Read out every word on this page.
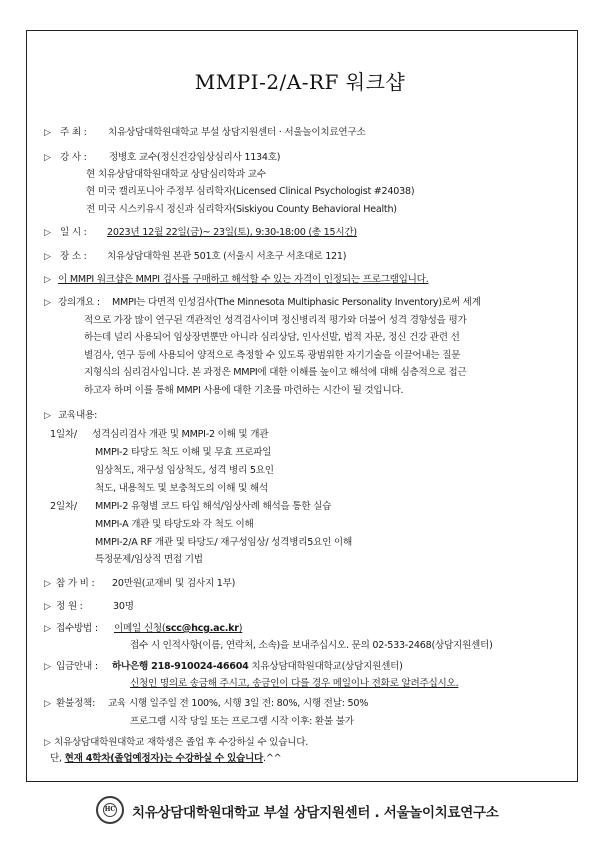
MMPI-2/A-RF 워크샵
▷ 주 최 : 치유상담대학원대학교 부설 상담지원센터 · 서울놀이치료연구소
▷ 강 사 : 정병호 교수(정신건강임상심리사 1134호)
현 치유상담대학원대학교 상담심리학과 교수
현 미국 캘리포니아 주정부 심리학자(Licensed Clinical Psychologist #24038)
전 미국 시스키유시 정신과 심리학자(Siskiyou County Behavioral Health)
▷ 일 시 : 2023년 12월 22일(금)~ 23일(토), 9:30-18:00 (총 15시간)
▷ 장 소 : 치유상담대학원 본관 501호 (서울시 서초구 서초대로 121)
▷ 이 MMPI 워크샵은 MMPI 검사를 구매하고 해석할 수 있는 자격이 인정되는 프로그램입니다.
▷ 강의개요 : MMPI는 다면적 인성검사(The Minnesota Multiphasic Personality Inventory)로써 세계
적으로 가장 많이 연구된 객관적인 성격검사이며 정신병리적 평가와 더불어 성격 경향성을 평가
하는데 널리 사용되어 임상장면뿐만 아니라 심리상담, 인사선발, 법적 자문, 정신 건강 관련 선
별검사, 연구 등에 사용되어 양적으로 측정할 수 있도록 광범위한 자기기술을 이끌어내는 질문
지형식의 심리검사입니다. 본 과정은 MMPI에 대한 이해를 높이고 해석에 대해 심층적으로 접근
하고자 하며 이를 통해 MMPI 사용에 대한 기초를 마련하는 시간이 될 것입니다.
▷ 교육내용:
1일차/ 성격심리검사 개관 및 MMPI-2 이해 및 개관
MMPI-2 타당도 척도 이해 및 무효 프로파일
임상척도, 재구성 임상척도, 성격 병리 5요인
척도, 내용척도 및 보충척도의 이해 및 해석
2일차/ MMPI-2 유형별 코드 타입 해석/임상사례 해석을 통한 실습
MMPI-A 개관 및 타당도와 각 척도 이해
MMPI-2/A RF 개관 및 타당도/ 재구성임상/ 성격병리5요인 이해
특정문제/임상적 면접 기법
▷ 참 가 비 : 20만원(교재비 및 검사지 1부)
▷ 정 원 :	30명
▷ 접수방법 : 이메일 신청(scc@hcg.ac.kr)
접수 시 인적사항(이름, 연락처, 소속)을 보내주십시오. 문의 02-533-2468(상담지원센터)
▷ 입금안내 : 하나은행 218-910024-46604 치유상담대학원대학교(상담지원센터)
신청인 명의로 송금해 주시고, 송금인이 다를 경우 메일이나 전화로 알려주십시오.
▷ 환불정책: 교육 시행 일주일 전 100%, 시행 3일 전: 80%, 시행 전날: 50%
프로그램 시작 당일 또는 프로그램 시작 이후: 환불 불가
▷ 치유상담대학원대학교 재학생은 졸업 후 수강하실 수 있습니다.
단, 현재 4학차(졸업예정자)는 수강하실 수 있습니다.^^
HC 치유상담대학원대학교 부설 상담지원센터 . 서울놀이치료연구소
